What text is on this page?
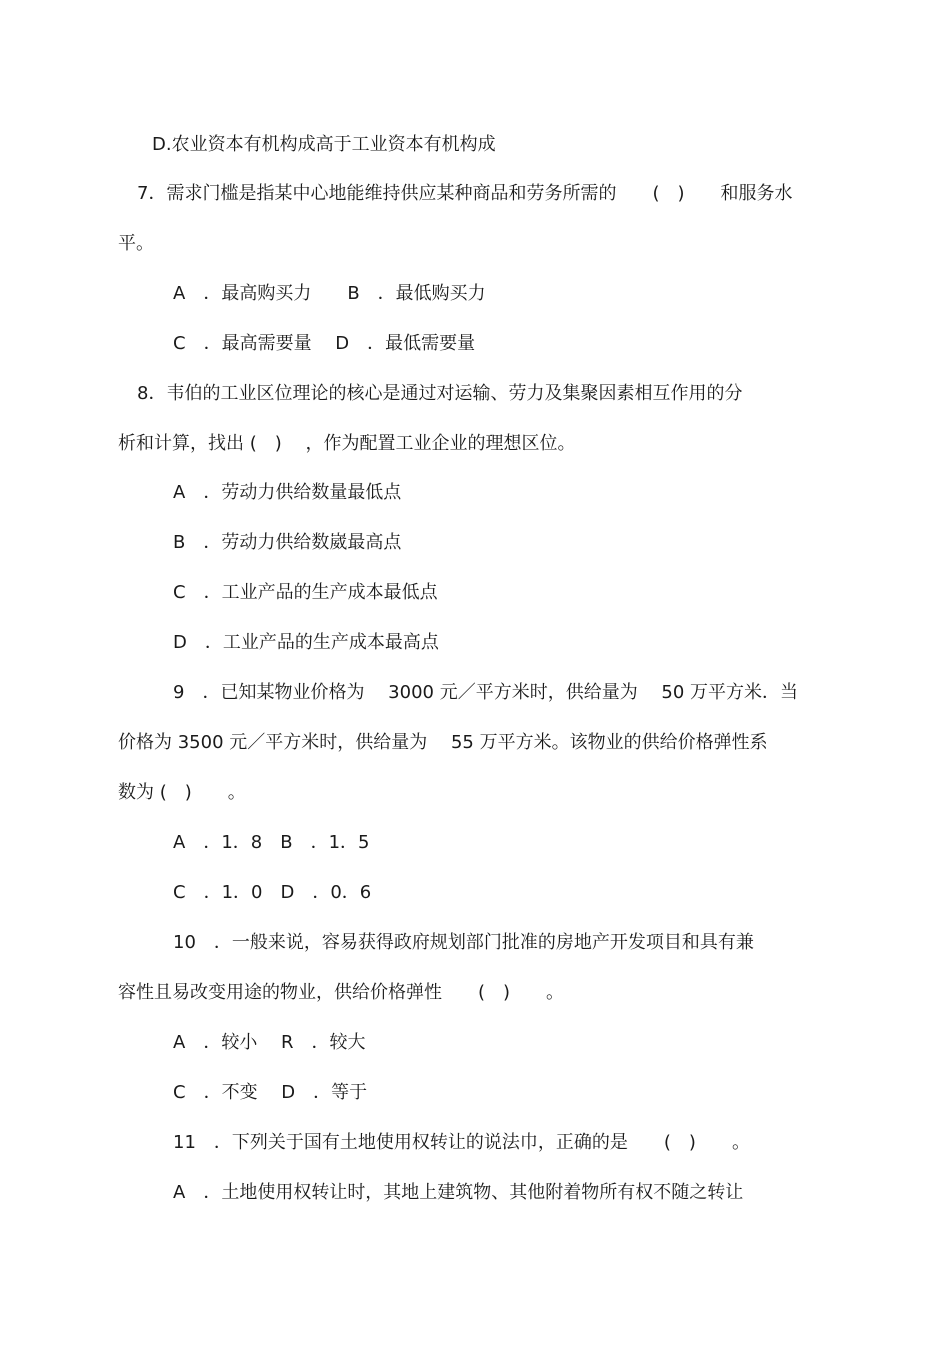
D.农业资本有机构成高于工业资本有机构成
7．需求门槛是指某中心地能维持供应某种商品和劳务所需的　　(　)　　和服务水
平。
A　．最高购买力　　B　．最低购买力
C　．最高需要量　 D　．最低需要量
8．韦伯的工业区位理论的核心是通过对运输、劳力及集聚因素相互作用的分
析和计算，找出 (　)　 ，作为配置工业企业的理想区位。
A　．劳动力供给数量最低点
B　．劳动力供给数崴最高点
C　．工业产品的生产成本最低点
D　．工业产品的生产成本最高点
9　．已知某物业价格为　 3000 元／平方米时，供给量为　 50 万平方米．当
价格为 3500 元／平方米时，供给量为　 55 万平方米。该物业的供给价格弹性系
数为 (　)　　。
A　．1．8　B　．1．5
C　．1．0　D　．0．6
10　．一般来说，容易获得政府规划部门批准的房地产开发项目和具有兼
容性且易改变用途的物业，供给价格弹性　　(　)　　。
A　．较小　 R　．较大
C　．不变　 D　．等于
11　．下列关于国有土地使用权转让的说法巾，正确的是　　(　)　　。
A　．土地使用权转让时，其地上建筑物、其他附着物所有权不随之转让
